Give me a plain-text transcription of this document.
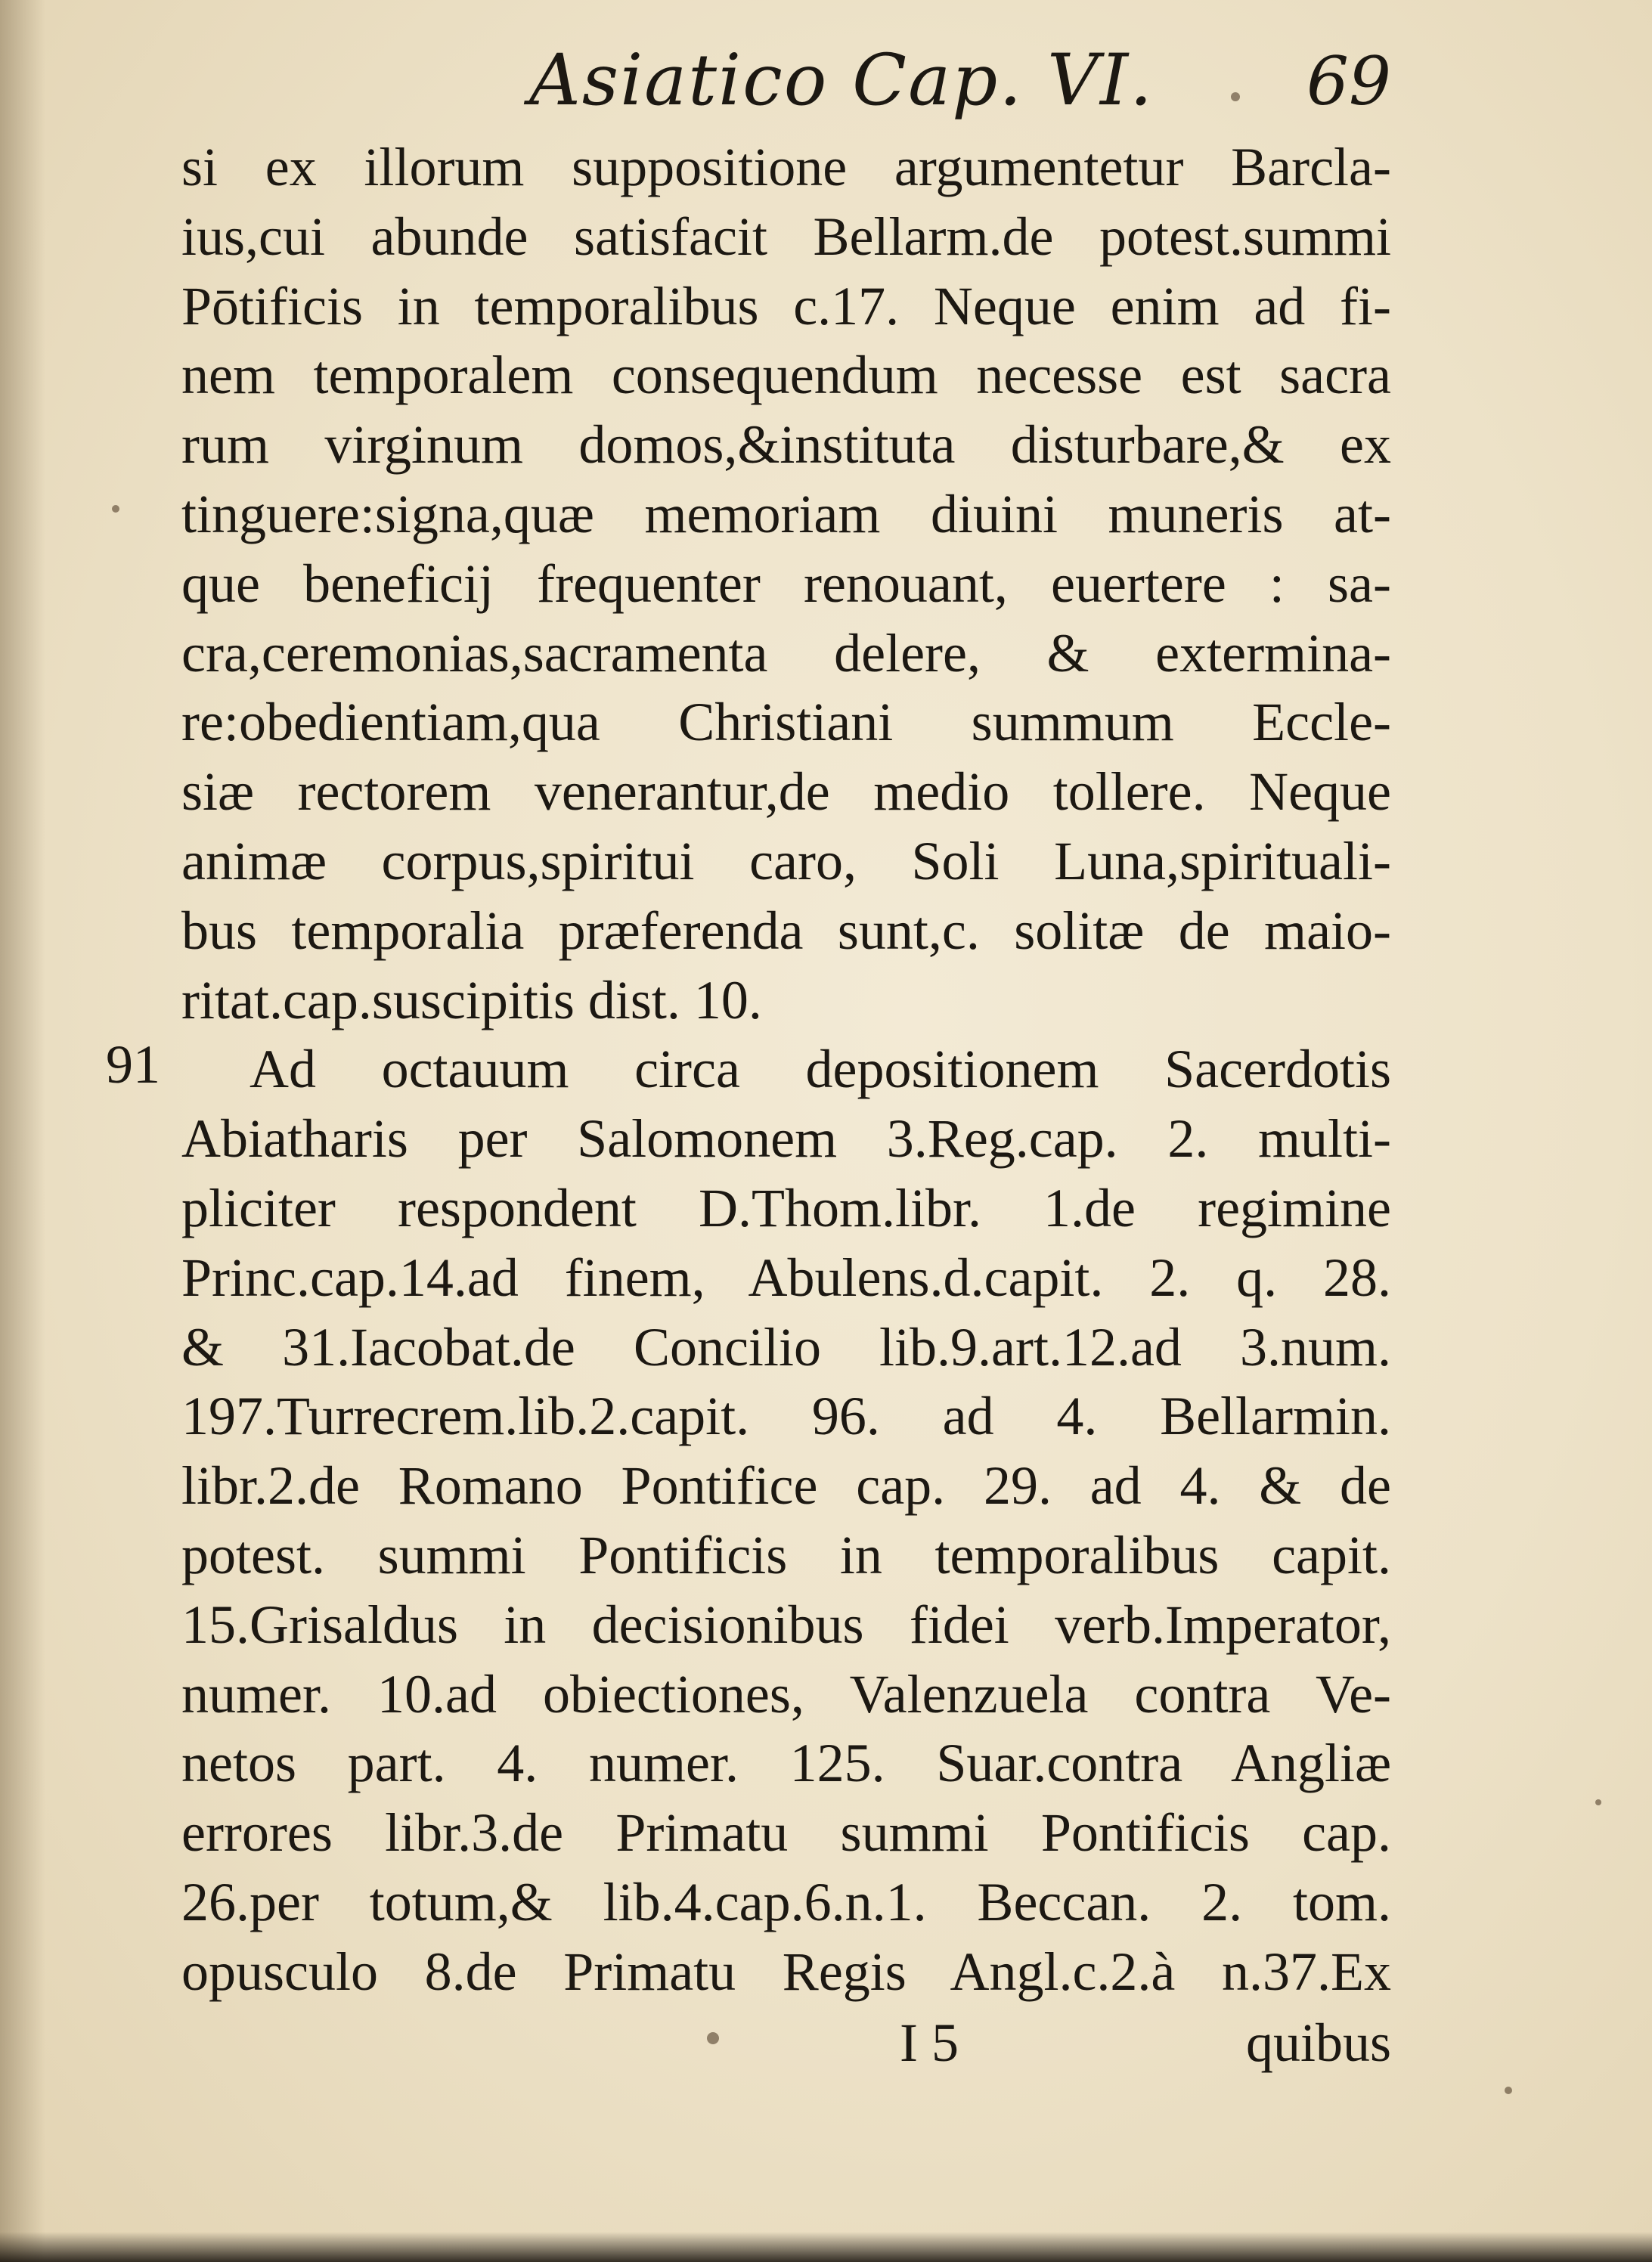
Asiatico Cap. VI. 69
91
si ex illorum suppositione argumentetur Barcla-
ius,cui abunde satisfacit Bellarm.de potest.summi
Pōtificis in temporalibus c.17. Neque enim ad fi-
nem temporalem consequendum necesse est sacra
rum virginum domos,&instituta disturbare,& ex
tinguere:signa,quæ memoriam diuini muneris at-
que beneficij frequenter renouant, euertere : sa-
cra,ceremonias,sacramenta delere, & extermina-
re:obedientiam,qua Christiani summum Eccle-
siæ rectorem venerantur,de medio tollere. Neque
animæ corpus,spiritui caro, Soli Luna,spirituali-
bus temporalia præferenda sunt,c. solitæ de maio-
ritat.cap.suscipitis dist. 10.
Ad octauum circa depositionem Sacerdotis
Abiatharis per Salomonem 3.Reg.cap. 2. multi-
pliciter respondent D.Thom.libr. 1.de regimine
Princ.cap.14.ad finem, Abulens.d.capit. 2. q. 28.
& 31.Iacobat.de Concilio lib.9.art.12.ad 3.num.
197.Turrecrem.lib.2.capit. 96. ad 4. Bellarmin.
libr.2.de Romano Pontifice cap. 29. ad 4. & de
potest. summi Pontificis in temporalibus capit.
15.Grisaldus in decisionibus fidei verb.Imperator,
numer. 10.ad obiectiones, Valenzuela contra Ve-
netos part. 4. numer. 125. Suar.contra Angliæ
errores libr.3.de Primatu summi Pontificis cap.
26.per totum,& lib.4.cap.6.n.1. Beccan. 2. tom.
opusculo 8.de Primatu Regis Angl.c.2.à n.37.Ex
I 5	quibus
